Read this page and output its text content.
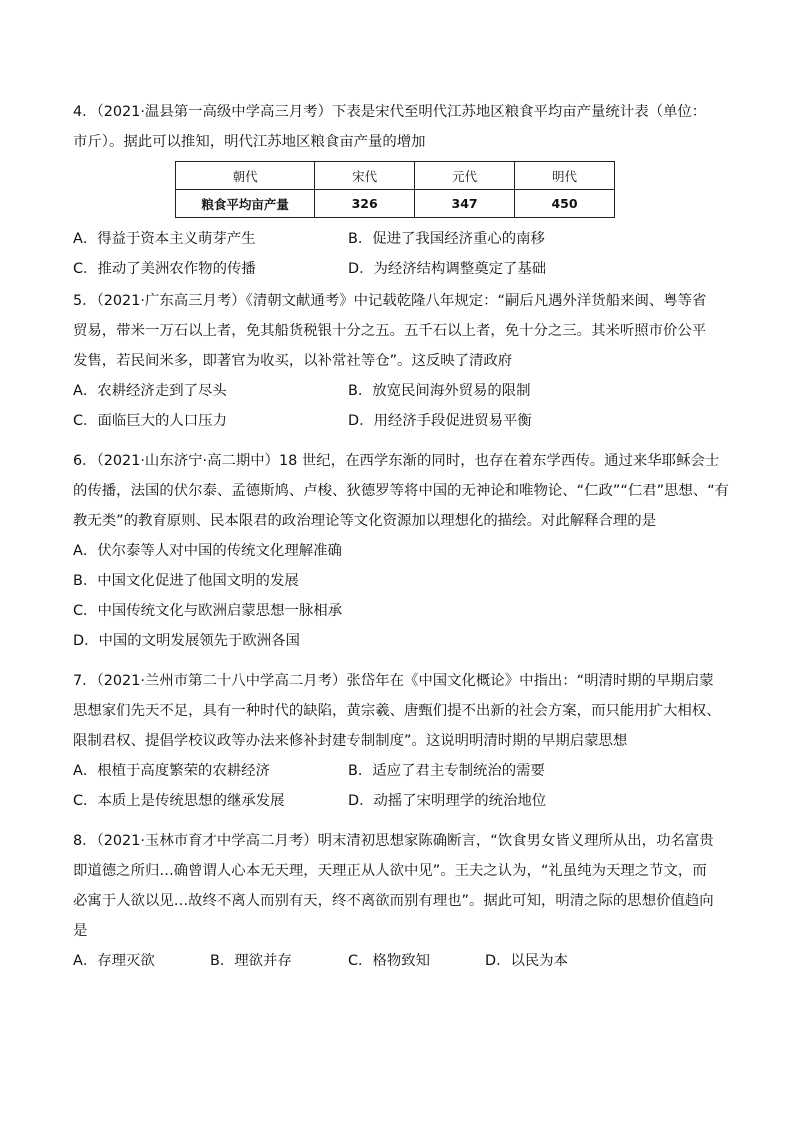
4．（2021·温县第一高级中学高三月考）下表是宋代至明代江苏地区粮食平均亩产量统计表（单位：
市斤）。据此可以推知，明代江苏地区粮食亩产量的增加
朝代	宋代	元代	明代
粮食平均亩产量	326	347	450
A．得益于资本主义萌芽产生	B．促进了我国经济重心的南移
C．推动了美洲农作物的传播	D．为经济结构调整奠定了基础
5．（2021·广东高三月考）《清朝文献通考》中记载乾隆八年规定：“嗣后凡遇外洋货船来闽、粤等省
贸易，带米一万石以上者，免其船货税银十分之五。五千石以上者，免十分之三。其米听照市价公平
发售，若民间米多，即著官为收买，以补常社等仓”。这反映了清政府
A．农耕经济走到了尽头	B．放宽民间海外贸易的限制
C．面临巨大的人口压力	D．用经济手段促进贸易平衡
6．（2021·山东济宁·高二期中）18 世纪，在西学东渐的同时，也存在着东学西传。通过来华耶稣会士
的传播，法国的伏尔泰、孟德斯鸠、卢梭、狄德罗等将中国的无神论和唯物论、“仁政”“仁君”思想、“有
教无类”的教育原则、民本限君的政治理论等文化资源加以理想化的描绘。对此解释合理的是
A．伏尔泰等人对中国的传统文化理解准确
B．中国文化促进了他国文明的发展
C．中国传统文化与欧洲启蒙思想一脉相承
D．中国的文明发展领先于欧洲各国
7．（2021·兰州市第二十八中学高二月考）张岱年在《中国文化概论》中指出：“明清时期的早期启蒙
思想家们先天不足，具有一种时代的缺陷，黄宗羲、唐甄们提不出新的社会方案，而只能用扩大相权、
限制君权、提倡学校议政等办法来修补封建专制制度”。这说明明清时期的早期启蒙思想
A．根植于高度繁荣的农耕经济	B．适应了君主专制统治的需要
C．本质上是传统思想的继承发展	D．动摇了宋明理学的统治地位
8．（2021·玉林市育才中学高二月考）明末清初思想家陈确断言，“饮食男女皆义理所从出，功名富贵
即道德之所归…确曾谓人心本无天理，天理正从人欲中见”。王夫之认为，“礼虽纯为天理之节文，而
必寓于人欲以见…故终不离人而别有天，终不离欲而别有理也”。据此可知，明清之际的思想价值趋向
是
A．存理灭欲	B．理欲并存	C．格物致知	D．以民为本
